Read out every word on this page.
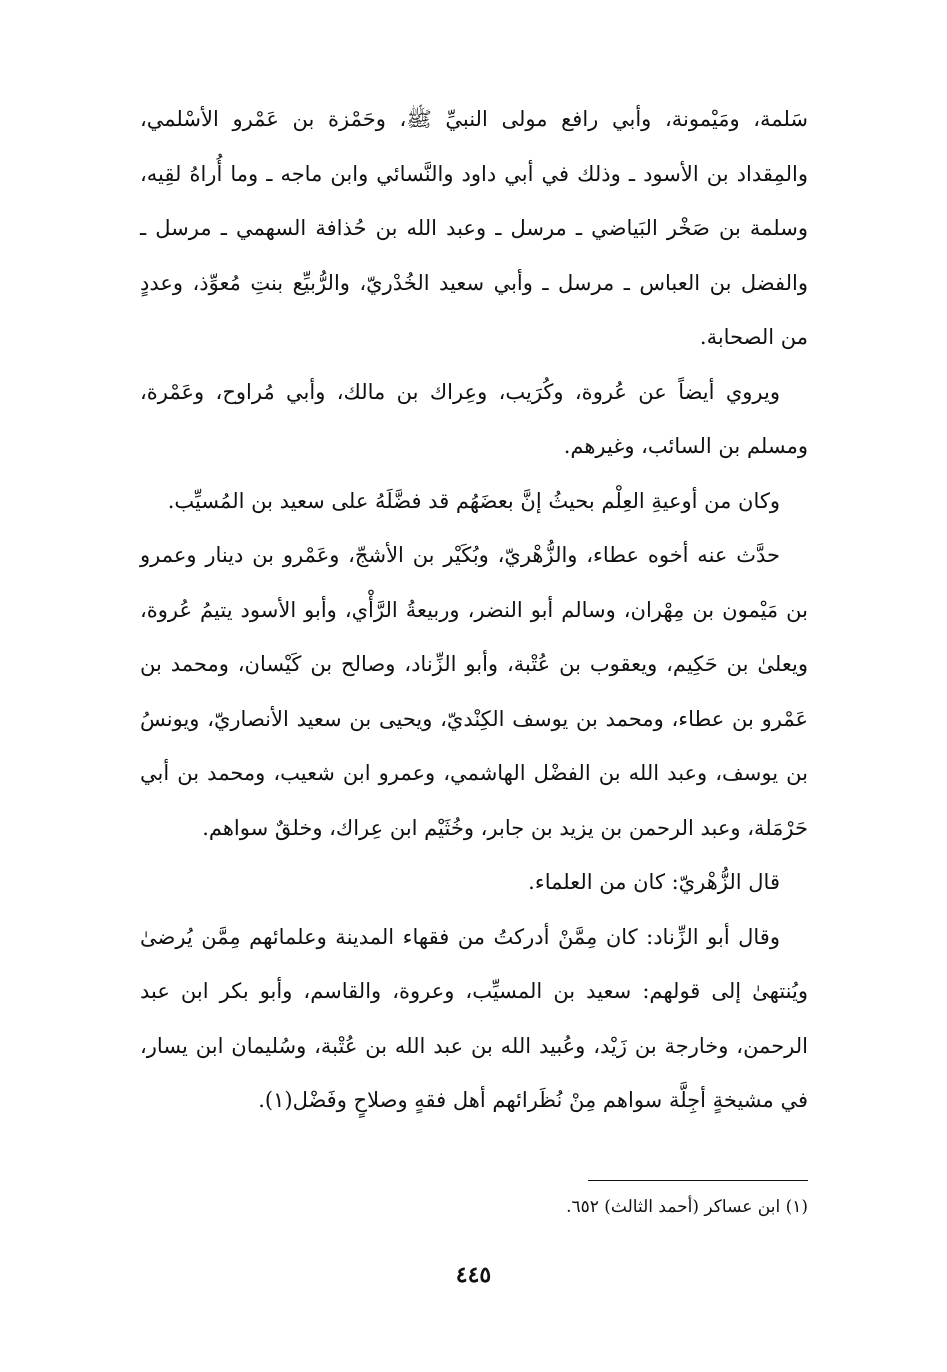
سَلمة، ومَيْمونة، وأبي رافع مولى النبيِّ ﷺ، وحَمْزة بن عَمْرو الأسْلمي، والمِقداد بن الأسود ـ وذلك في أبي داود والنَّسائي وابن ماجه ـ وما أُراهُ لقِيه، وسلمة بن صَخْر البَياضي ـ مرسل ـ وعبد الله بن حُذافة السهمي ـ مرسل ـ والفضل بن العباس ـ مرسل ـ وأبي سعيد الخُدْريّ، والرُّبيِّع بنتِ مُعوِّذ، وعددٍ من الصحابة.

ويروي أيضاً عن عُروة، وكُرَيب، وعِراك بن مالك، وأبي مُراوح، وعَمْرة، ومسلم بن السائب، وغيرهم.

وكان من أوعيةِ العِلْم بحيثُ إنَّ بعضَهُم قد فضَّلَهُ على سعيد بن المُسيِّب.

حدَّث عنه أخوه عطاء، والزُّهْريّ، وبُكَيْر بن الأشجّ، وعَمْرو بن دينار وعمرو بن مَيْمون بن مِهْران، وسالم أبو النضر، وربيعةُ الرَّأْي، وأبو الأسود يتيمُ عُروة، ويعلىٰ بن حَكِيم، ويعقوب بن عُتْبة، وأبو الزِّناد، وصالح بن كَيْسان، ومحمد بن عَمْرو بن عطاء، ومحمد بن يوسف الكِنْديّ، ويحيى بن سعيد الأنصاريّ، ويونسُ بن يوسف، وعبد الله بن الفضْل الهاشمي، وعمرو ابن شعيب، ومحمد بن أبي حَرْمَلة، وعبد الرحمن بن يزيد بن جابر، وخُثَيْم ابن عِراك، وخلقٌ سواهم.

قال الزُّهْريّ: كان من العلماء.

وقال أبو الزِّناد: كان مِمَّنْ أدركتُ من فقهاء المدينة وعلمائهم مِمَّن يُرضىٰ ويُنتهىٰ إلى قولهم: سعيد بن المسيِّب، وعروة، والقاسم، وأبو بكر ابن عبد الرحمن، وخارجة بن زَيْد، وعُبيد الله بن عبد الله بن عُتْبة، وسُليمان ابن يسار، في مشيخةٍ أجِلَّة سواهم مِنْ نُظَرائهم أهل فقهٍ وصلاحٍ وفَضْل(١).

(١) ابن عساكر (أحمد الثالث) ٦٥٢.

٤٤٥
